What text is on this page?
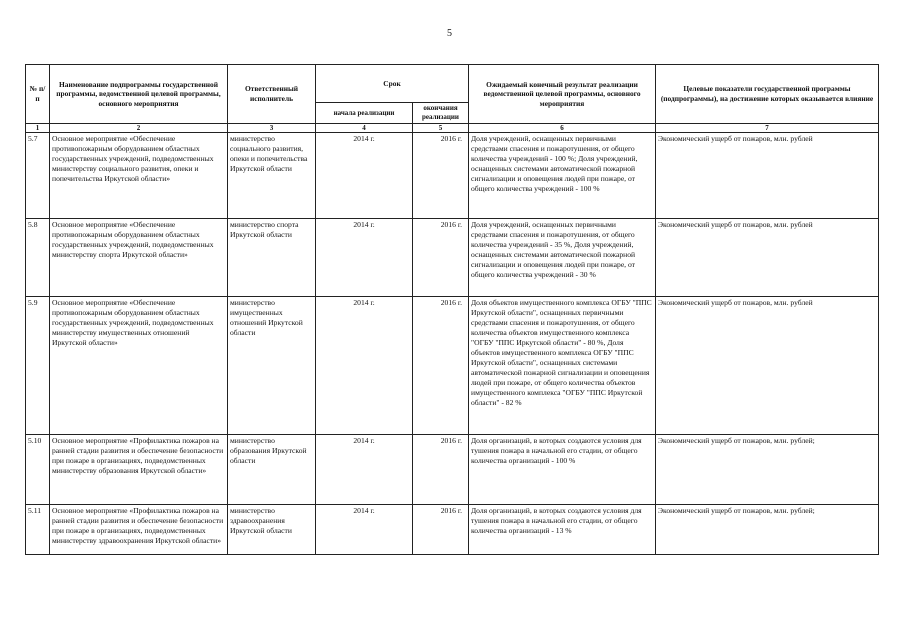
5
№ п/п	Наименование подпрограммы государственной программы, ведомственной целевой программы, основного мероприятия	Ответственный исполнитель	Срок		Ожидаемый конечный результат реализации ведомственной целевой программы, основного мероприятия	Целевые показатели государственной программы (подпрограммы), на достижение которых оказывается влияние
			начала реализации	окончания реализации		
1	2	3	4	5	6	7
5.7	Основное мероприятие «Обеспечение противопожарным оборудованием областных государственных учреждений, подведомственных министерству социального развития, опеки и попечительства Иркутской области»	министерство социального развития, опеки и попечительства Иркутской области	2014 г.	2016 г.	Доля учреждений, оснащенных первичными средствами спасения и пожаротушения, от общего количества учреждений - 100 %; Доля учреждений, оснащенных системами автоматической пожарной сигнализации и оповещения людей при пожаре, от общего количества учреждений - 100 %	Экономический ущерб от пожаров, млн. рублей
5.8	Основное мероприятие «Обеспечение противопожарным оборудованием областных государственных учреждений, подведомственных министерству спорта Иркутской области»	министерство спорта Иркутской области	2014 г.	2016 г.	Доля учреждений, оснащенных первичными средствами спасения и пожаротушения, от общего количества учреждений - 35 %, Доля учреждений, оснащенных системами автоматической пожарной сигнализации и оповещения людей при пожаре, от общего количества учреждений - 30 %	Экономический ущерб от пожаров, млн. рублей
5.9	Основное мероприятие «Обеспечение противопожарным оборудованием областных государственных учреждений, подведомственных министерству имущественных отношений Иркутской области»	министерство имущественных отношений Иркутской области	2014 г.	2016 г.	Доля объектов имущественного комплекса ОГБУ "ППС Иркутской области", оснащенных первичными средствами спасения и пожаротушения, от общего количества объектов имущественного комплекса "ОГБУ "ППС Иркутской области" - 80 %, Доля объектов имущественного комплекса ОГБУ "ППС Иркутской области", оснащенных системами автоматической пожарной сигнализации и оповещения людей при пожаре, от общего количества объектов имущественного комплекса "ОГБУ "ППС Иркутской области" - 82 %	Экономический ущерб от пожаров, млн. рублей
5.10	Основное мероприятие «Профилактика пожаров на ранней стадии развития и обеспечение безопасности при пожаре в организациях, подведомственных министерству образования Иркутской области»	министерство образования Иркутской области	2014 г.	2016 г.	Доля организаций, в которых создаются условия для тушения пожара в начальной его стадии, от общего количества организаций - 100 %	Экономический ущерб от пожаров, млн. рублей;
5.11	Основное мероприятие «Профилактика пожаров на ранней стадии развития и обеспечение безопасности при пожаре в организациях, подведомственных министерству здравоохранения Иркутской области»	министерство здравоохранения Иркутской области	2014 г.	2016 г.	Доля организаций, в которых создаются условия для тушения пожара в начальной его стадии, от общего количества организаций - 13 %	Экономический ущерб от пожаров, млн. рублей;
